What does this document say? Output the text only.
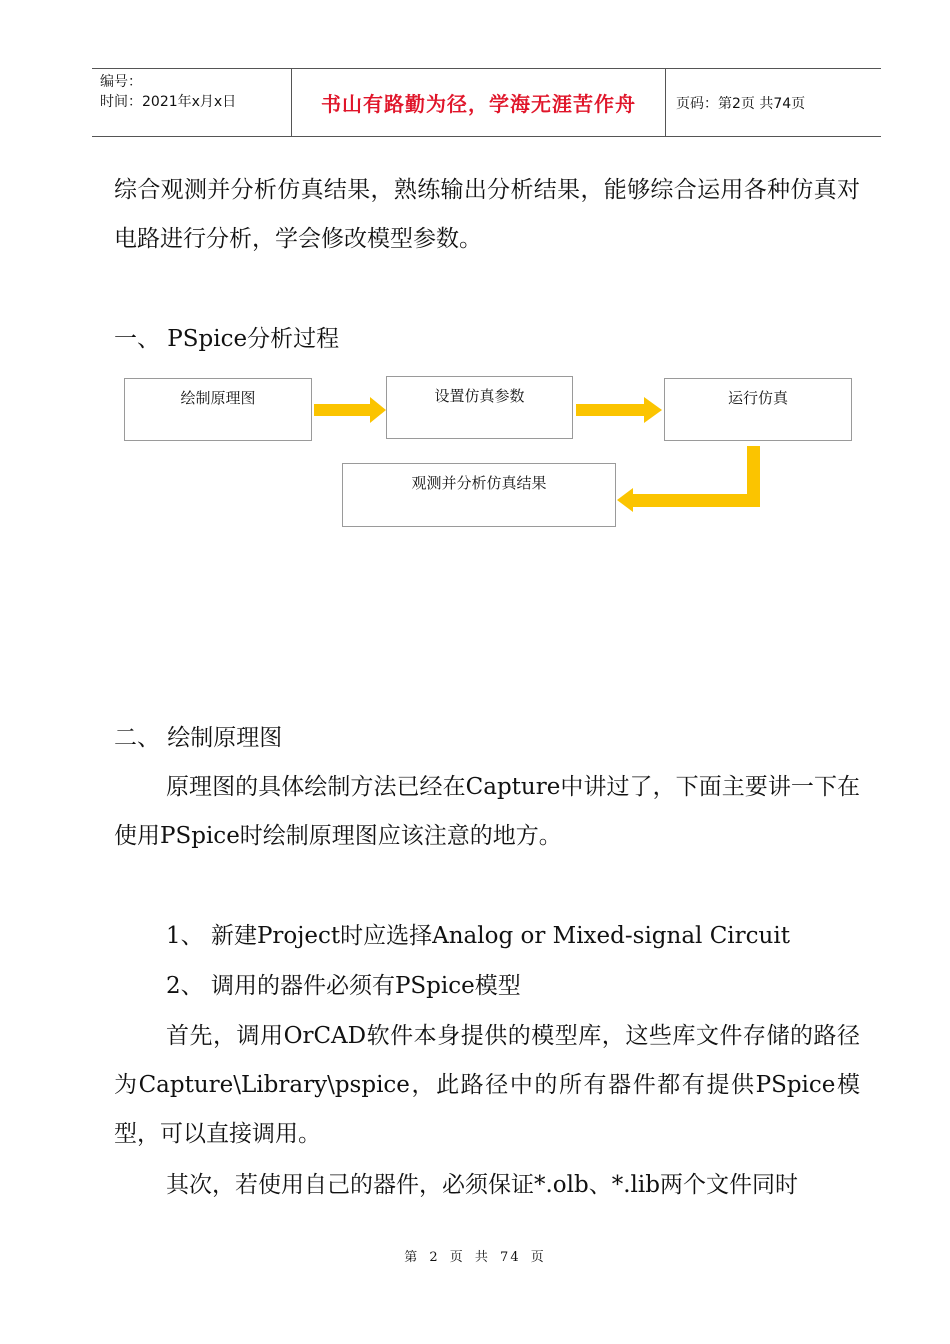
编号：
时间：2021年x月x日	书山有路勤为径，学海无涯苦作舟	页码：第2页 共74页

综合观测并分析仿真结果，熟练输出分析结果，能够综合运用各种仿真对电路进行分析，学会修改模型参数。

一、 PSpice分析过程

绘制原理图	设置仿真参数	运行仿真
观测并分析仿真结果

二、 绘制原理图

原理图的具体绘制方法已经在Capture中讲过了，下面主要讲一下在使用PSpice时绘制原理图应该注意的地方。

1、 新建Project时应选择Analog or Mixed-signal Circuit

2、 调用的器件必须有PSpice模型

首先，调用OrCAD软件本身提供的模型库，这些库文件存储的路径为Capture\Library\pspice，此路径中的所有器件都有提供PSpice模型，可以直接调用。

其次，若使用自己的器件，必须保证*.olb、*.lib两个文件同时

第 2 页 共 74 页
